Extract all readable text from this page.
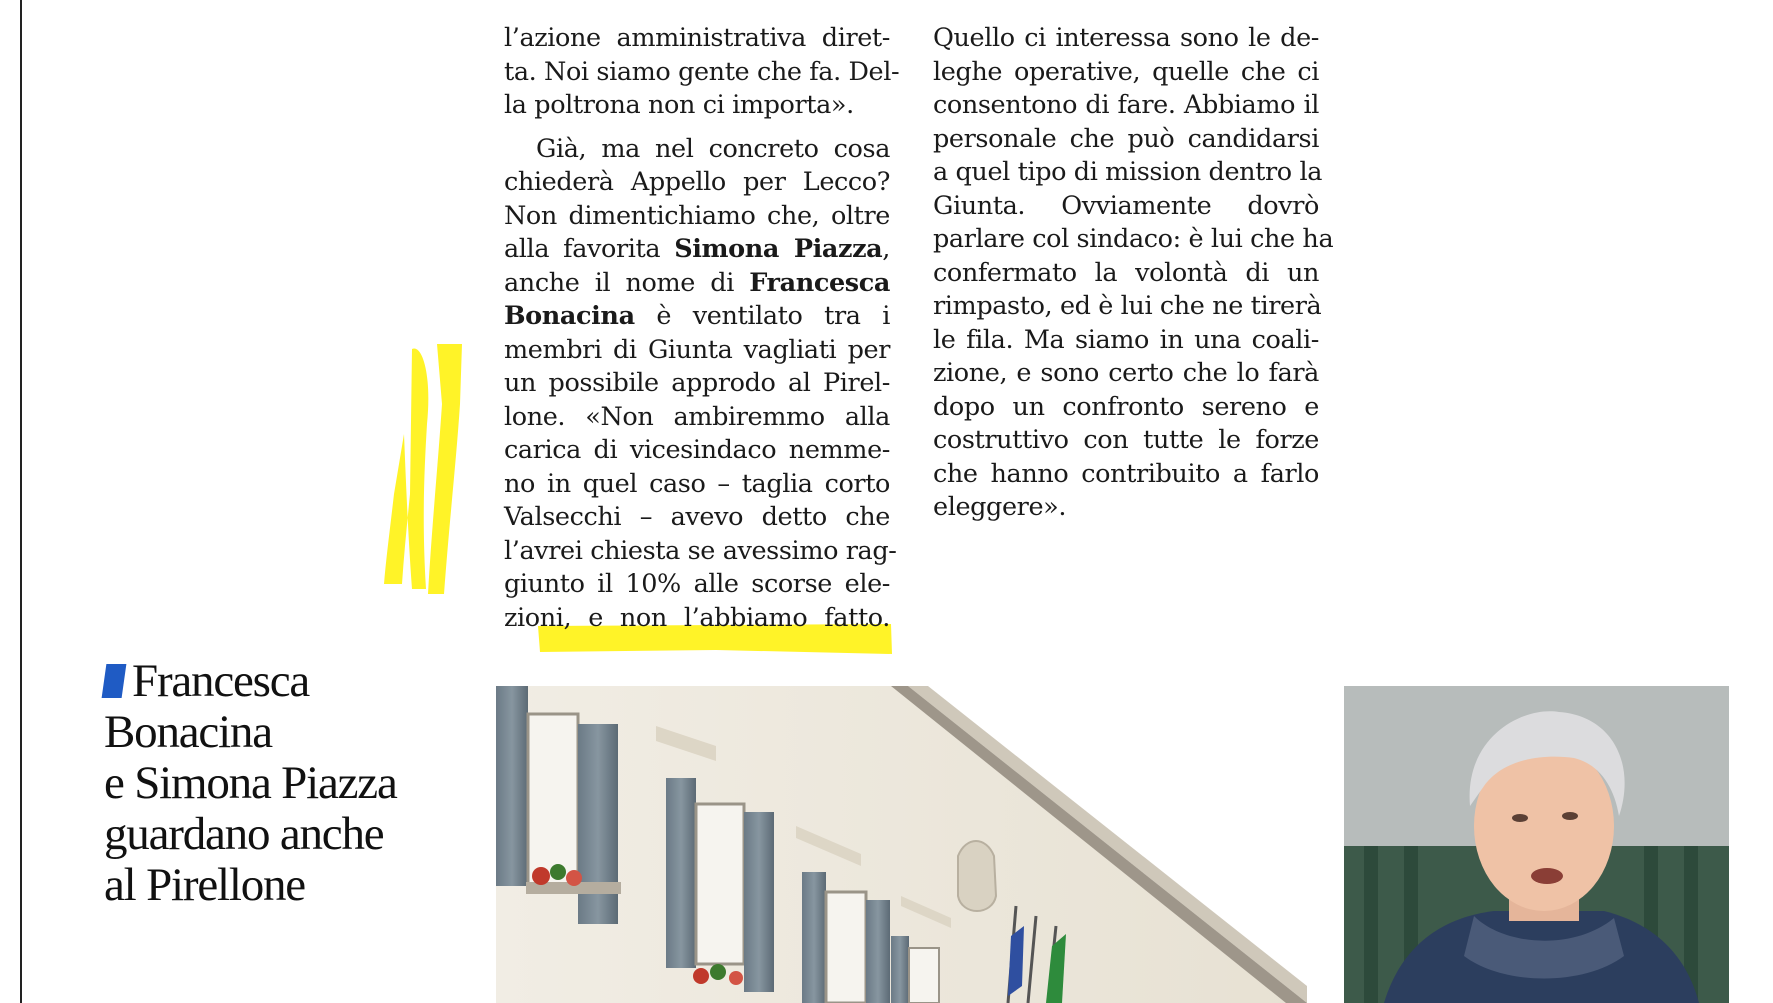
l’azione amministrativa diret-
ta. Noi siamo gente che fa. Del-
la poltrona non ci importa».

Già, ma nel concreto cosa
chiederà Appello per Lecco?
Non dimentichiamo che, oltre
alla favorita Simona Piazza,
anche il nome di Francesca
Bonacina è ventilato tra i
membri di Giunta vagliati per
un possibile approdo al Pirel-
lone. «Non ambiremmo alla
carica di vicesindaco nemme-
no in quel caso – taglia corto
Valsecchi – avevo detto che
l’avrei chiesta se avessimo rag-
giunto il 10% alle scorse ele-
zioni, e non l’abbiamo fatto.

Quello ci interessa sono le de-
leghe operative, quelle che ci
consentono di fare. Abbiamo il
personale che può candidarsi
a quel tipo di mission dentro la
Giunta. Ovviamente dovrò
parlare col sindaco: è lui che ha
confermato la volontà di un
rimpasto, ed è lui che ne tirerà
le fila. Ma siamo in una coali-
zione, e sono certo che lo farà
dopo un confronto sereno e
costruttivo con tutte le forze
che hanno contribuito a farlo
eleggere».

Francesca
Bonacina
e Simona Piazza
guardano anche
al Pirellone
